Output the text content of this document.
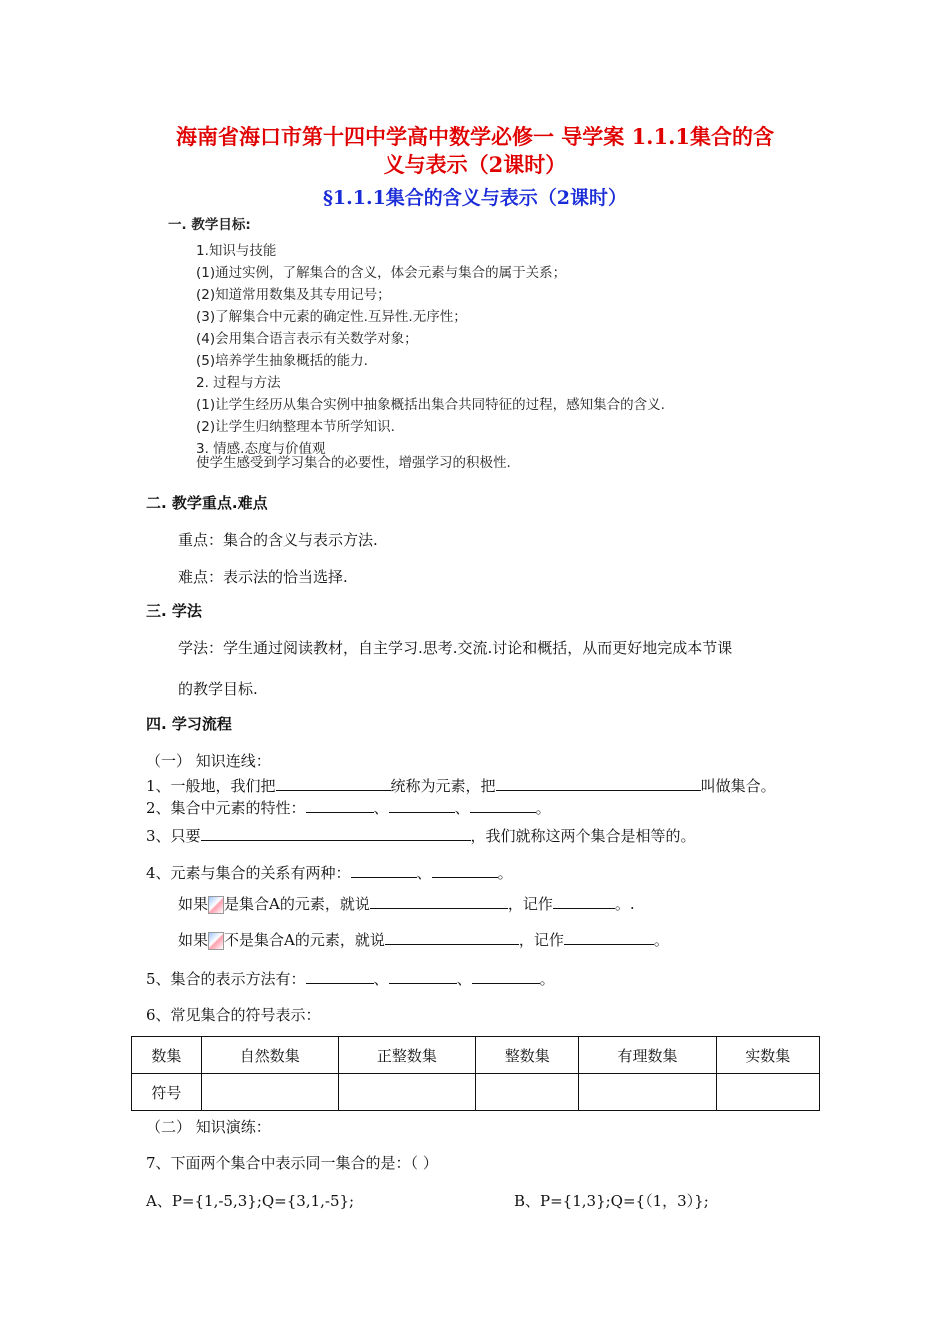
海南省海口市第十四中学高中数学必修一 导学案 1.1.1集合的含
义与表示（2课时）
§1.1.1集合的含义与表示（2课时）
一. 教学目标:
1.知识与技能
(1)通过实例，了解集合的含义，体会元素与集合的属于关系；
(2)知道常用数集及其专用记号；
(3)了解集合中元素的确定性.互异性.无序性；
(4)会用集合语言表示有关数学对象；
(5)培养学生抽象概括的能力.
2. 过程与方法
(1)让学生经历从集合实例中抽象概括出集合共同特征的过程，感知集合的含义.
(2)让学生归纳整理本节所学知识.
3. 情感.态度与价值观
使学生感受到学习集合的必要性，增强学习的积极性.
二. 教学重点.难点
重点：集合的含义与表示方法.
难点：表示法的恰当选择.
三. 学法
学法：学生通过阅读教材，自主学习.思考.交流.讨论和概括，从而更好地完成本节课
的教学目标.
四. 学习流程
（一） 知识连线：
1、一般地，我们把	统称为元素，把	叫做集合。
2、集合中元素的特性：	、	、	。
3、只要	，我们就称这两个集合是相等的。
4、元素与集合的关系有两种：	、	。
如果 是集合A的元素，就说	，记作	。.
如果 不是集合A的元素，就说	，记作	。
5、集合的表示方法有：	、	、	。
6、常见集合的符号表示：
数集	自然数集	正整数集	整数集	有理数集	实数集
符号					
（二） 知识演练：
7、下面两个集合中表示同一集合的是：（ ）
A、P={1,-5,3};Q={3,1,-5};	B、P={1,3};Q={（1，3）};
